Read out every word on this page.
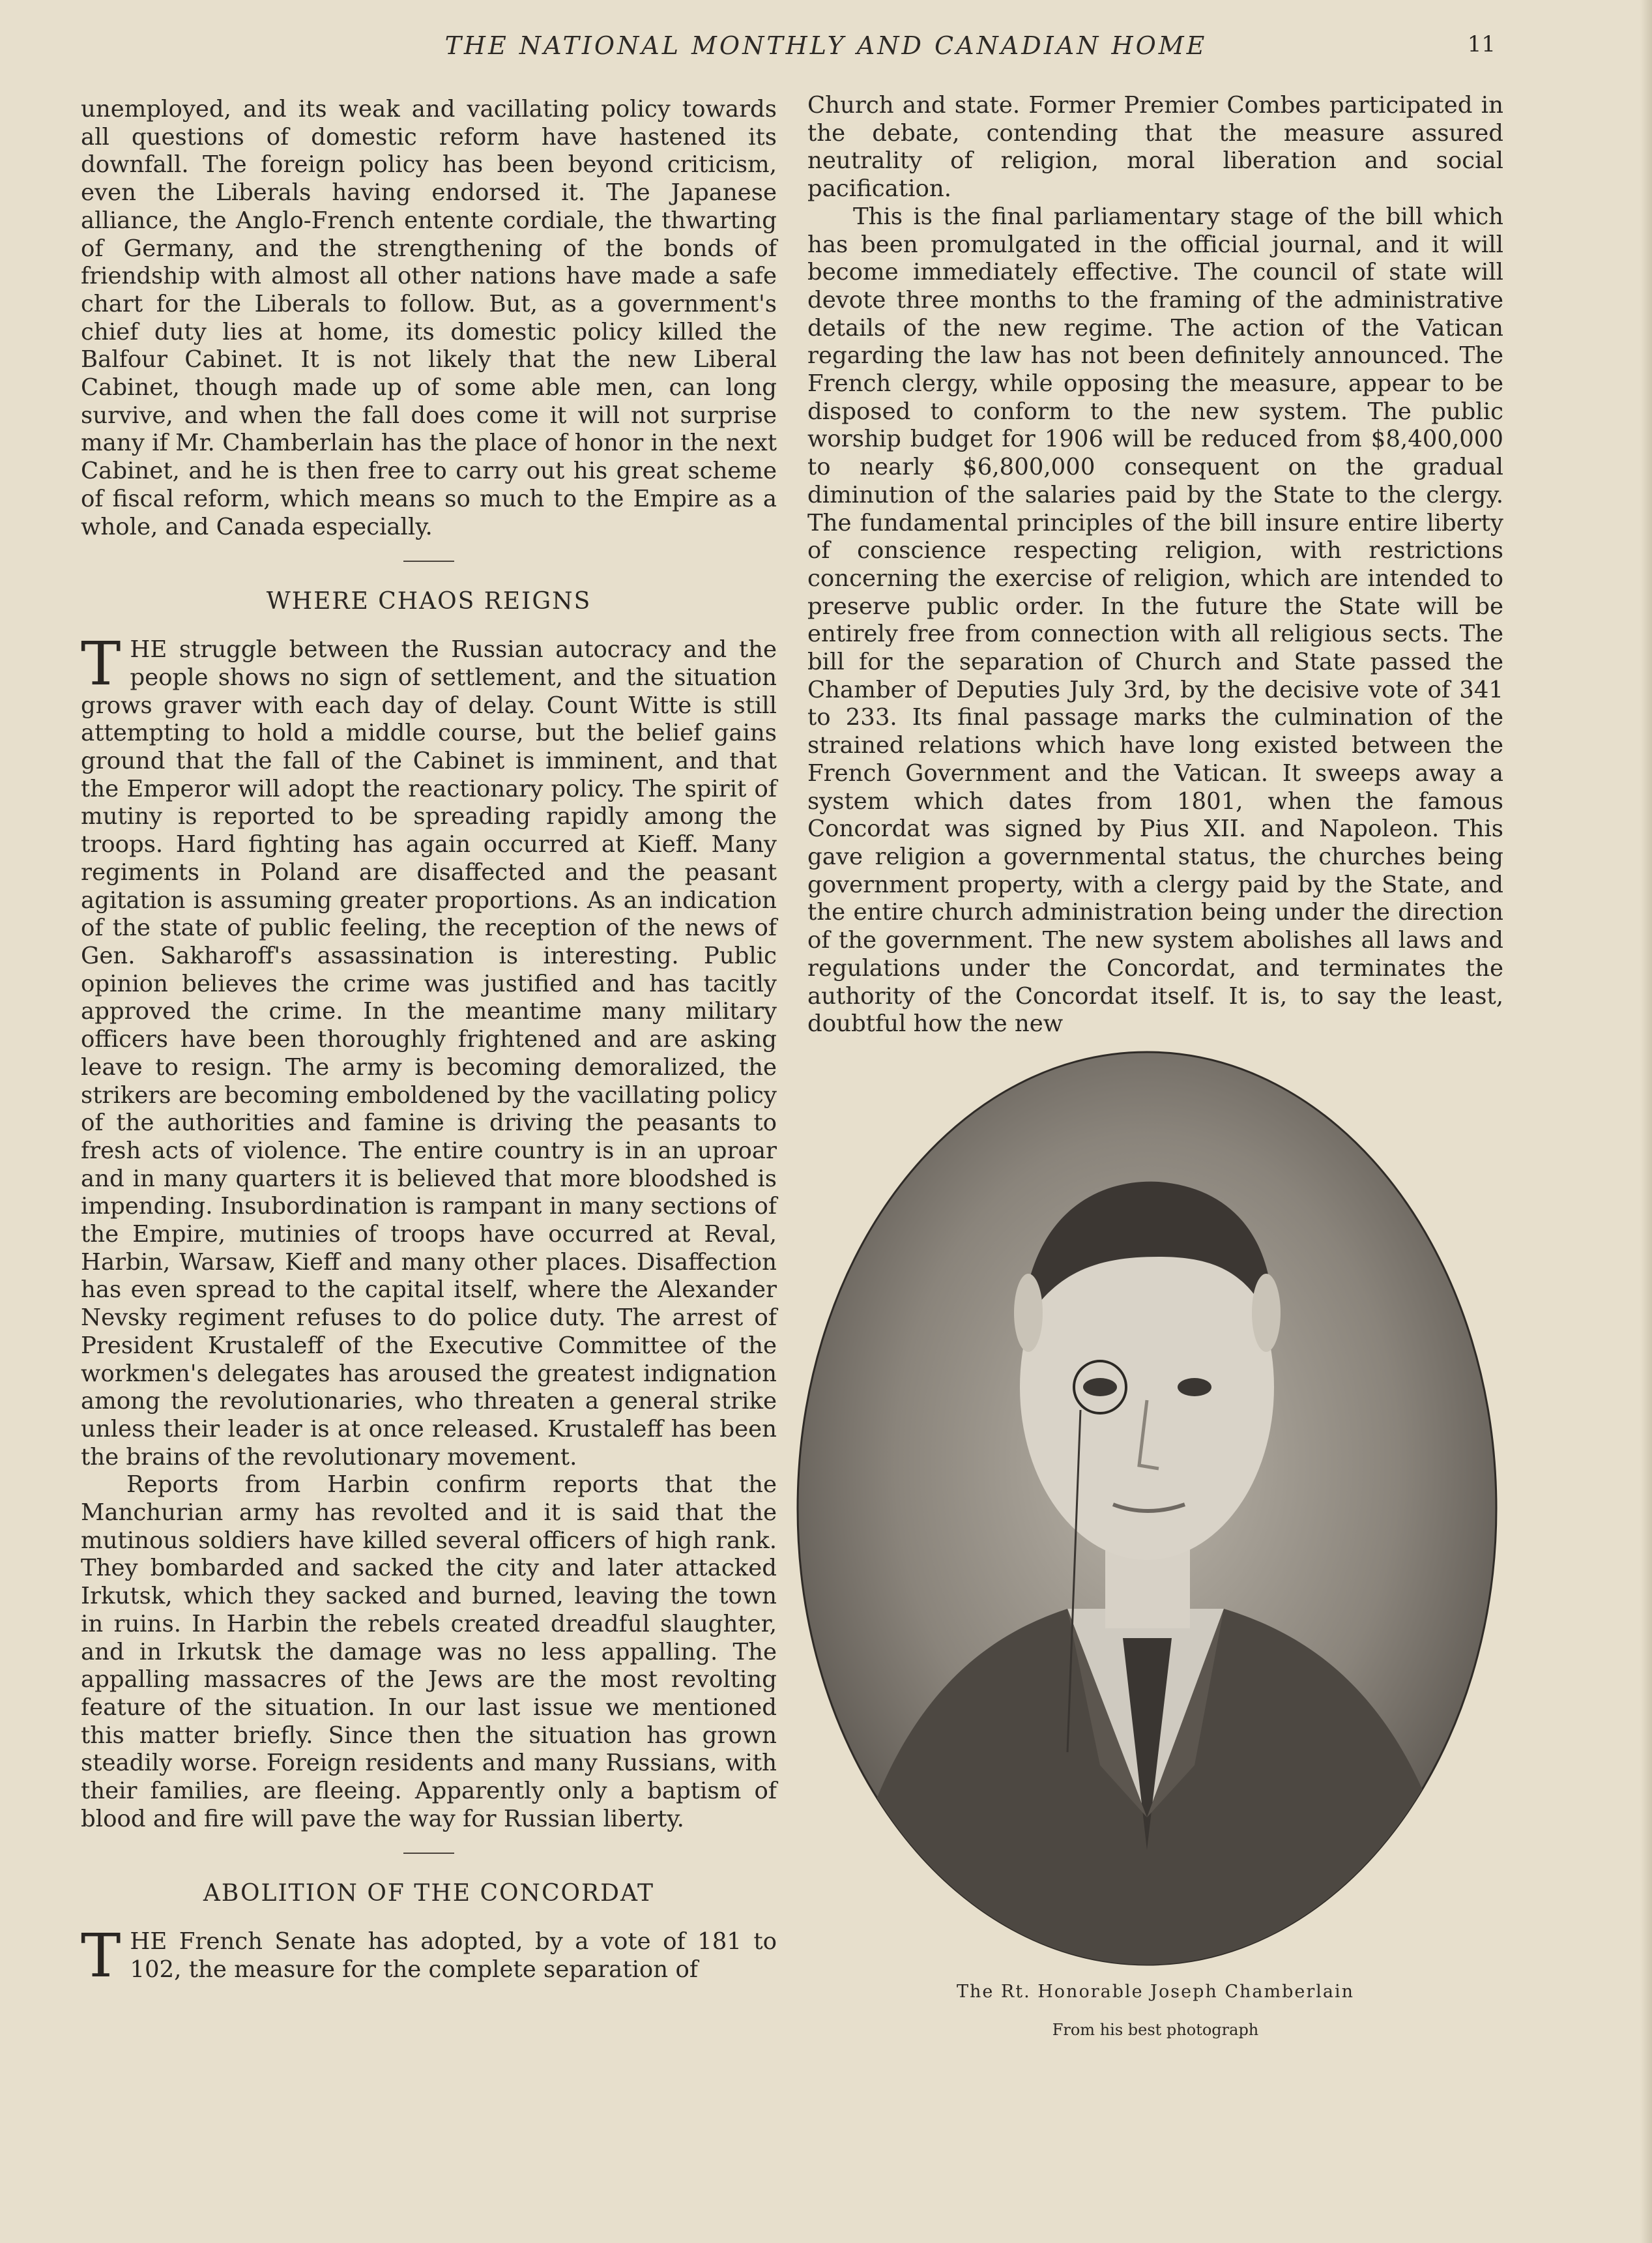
THE NATIONAL MONTHLY AND CANADIAN HOME	11

unemployed, and its weak and vacillating policy towards all questions of domestic reform have hastened its downfall. The foreign policy has been beyond criticism, even the Liberals having endorsed it. The Japanese alliance, the Anglo-French entente cordiale, the thwarting of Germany, and the strengthening of the bonds of friendship with almost all other nations have made a safe chart for the Liberals to follow. But, as a government's chief duty lies at home, its domestic policy killed the Balfour Cabinet. It is not likely that the new Liberal Cabinet, though made up of some able men, can long survive, and when the fall does come it will not surprise many if Mr. Chamberlain has the place of honor in the next Cabinet, and he is then free to carry out his great scheme of fiscal reform, which means so much to the Empire as a whole, and Canada especially.

WHERE CHAOS REIGNS

THE struggle between the Russian autocracy and the people shows no sign of settlement, and the situation grows graver with each day of delay. Count Witte is still attempting to hold a middle course, but the belief gains ground that the fall of the Cabinet is imminent, and that the Emperor will adopt the reactionary policy. The spirit of mutiny is reported to be spreading rapidly among the troops. Hard fighting has again occurred at Kieff. Many regiments in Poland are disaffected and the peasant agitation is assuming greater proportions. As an indication of the state of public feeling, the reception of the news of Gen. Sakharoff's assassination is interesting. Public opinion believes the crime was justified and has tacitly approved the crime. In the meantime many military officers have been thoroughly frightened and are asking leave to resign. The army is becoming demoralized, the strikers are becoming emboldened by the vacillating policy of the authorities and famine is driving the peasants to fresh acts of violence. The entire country is in an uproar and in many quarters it is believed that more bloodshed is impending. Insubordination is rampant in many sections of the Empire, mutinies of troops have occurred at Reval, Harbin, Warsaw, Kieff and many other places. Disaffection has even spread to the capital itself, where the Alexander Nevsky regiment refuses to do police duty. The arrest of President Krustaleff of the Executive Committee of the workmen's delegates has aroused the greatest indignation among the revolutionaries, who threaten a general strike unless their leader is at once released. Krustaleff has been the brains of the revolutionary movement.

Reports from Harbin confirm reports that the Manchurian army has revolted and it is said that the mutinous soldiers have killed several officers of high rank. They bombarded and sacked the city and later attacked Irkutsk, which they sacked and burned, leaving the town in ruins. In Harbin the rebels created dreadful slaughter, and in Irkutsk the damage was no less appalling. The appalling massacres of the Jews are the most revolting feature of the situation. In our last issue we mentioned this matter briefly. Since then the situation has grown steadily worse. Foreign residents and many Russians, with their families, are fleeing. Apparently only a baptism of blood and fire will pave the way for Russian liberty.

ABOLITION OF THE CONCORDAT

THE French Senate has adopted, by a vote of 181 to 102, the measure for the complete separation of

Church and state. Former Premier Combes participated in the debate, contending that the measure assured neutrality of religion, moral liberation and social pacification.

This is the final parliamentary stage of the bill which has been promulgated in the official journal, and it will become immediately effective. The council of state will devote three months to the framing of the administrative details of the new regime. The action of the Vatican regarding the law has not been definitely announced. The French clergy, while opposing the measure, appear to be disposed to conform to the new system. The public worship budget for 1906 will be reduced from $8,400,000 to nearly $6,800,000 consequent on the gradual diminution of the salaries paid by the State to the clergy. The fundamental principles of the bill insure entire liberty of conscience respecting religion, with restrictions concerning the exercise of religion, which are intended to preserve public order. In the future the State will be entirely free from connection with all religious sects. The bill for the separation of Church and State passed the Chamber of Deputies July 3rd, by the decisive vote of 341 to 233. Its final passage marks the culmination of the strained relations which have long existed between the French Government and the Vatican. It sweeps away a system which dates from 1801, when the famous Concordat was signed by Pius XII. and Napoleon. This gave religion a governmental status, the churches being government property, with a clergy paid by the State, and the entire church administration being under the direction of the government. The new system abolishes all laws and regulations under the Concordat, and terminates the authority of the Concordat itself. It is, to say the least, doubtful how the new

The Rt. Honorable Joseph Chamberlain
From his best photograph
